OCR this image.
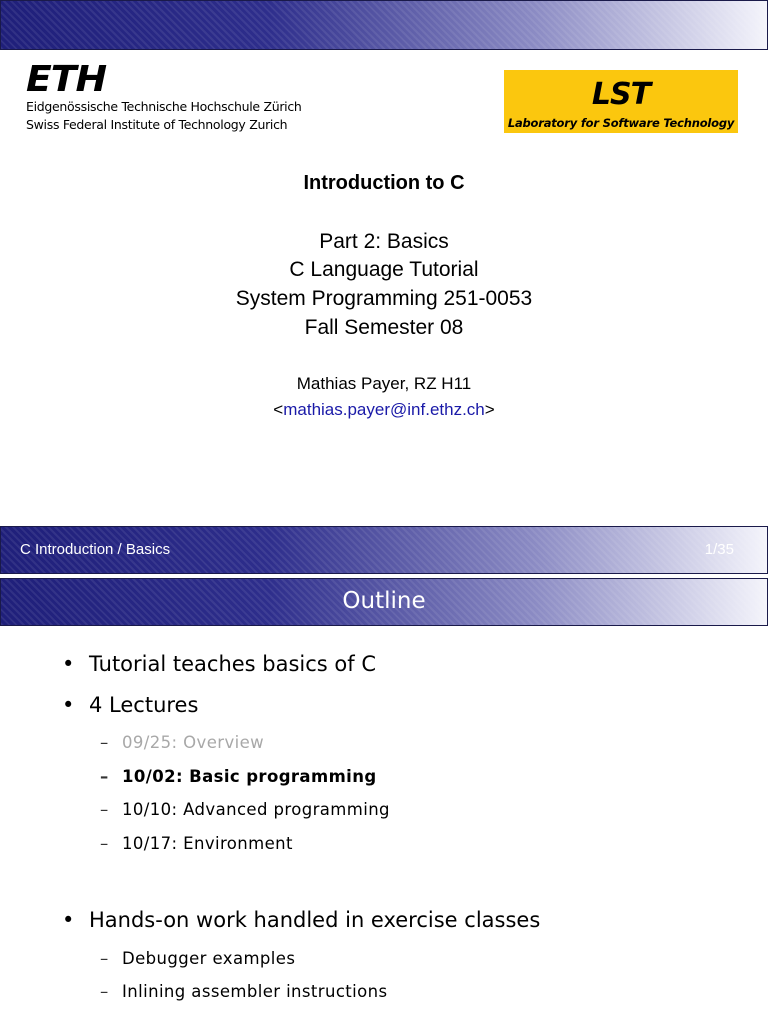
ETH
Eidgenössische Technische Hochschule Zürich
Swiss Federal Institute of Technology Zurich
LST
Laboratory for Software Technology
Introduction to C
Part 2: Basics
C Language Tutorial
System Programming 251-0053
Fall Semester 08
Mathias Payer, RZ H11
<mathias.payer@inf.ethz.ch>
C Introduction / Basics	1/35
Outline
• Tutorial teaches basics of C
• 4 Lectures
– 09/25: Overview
– 10/02: Basic programming
– 10/10: Advanced programming
– 10/17: Environment
• Hands-on work handled in exercise classes
– Debugger examples
– Inlining assembler instructions
